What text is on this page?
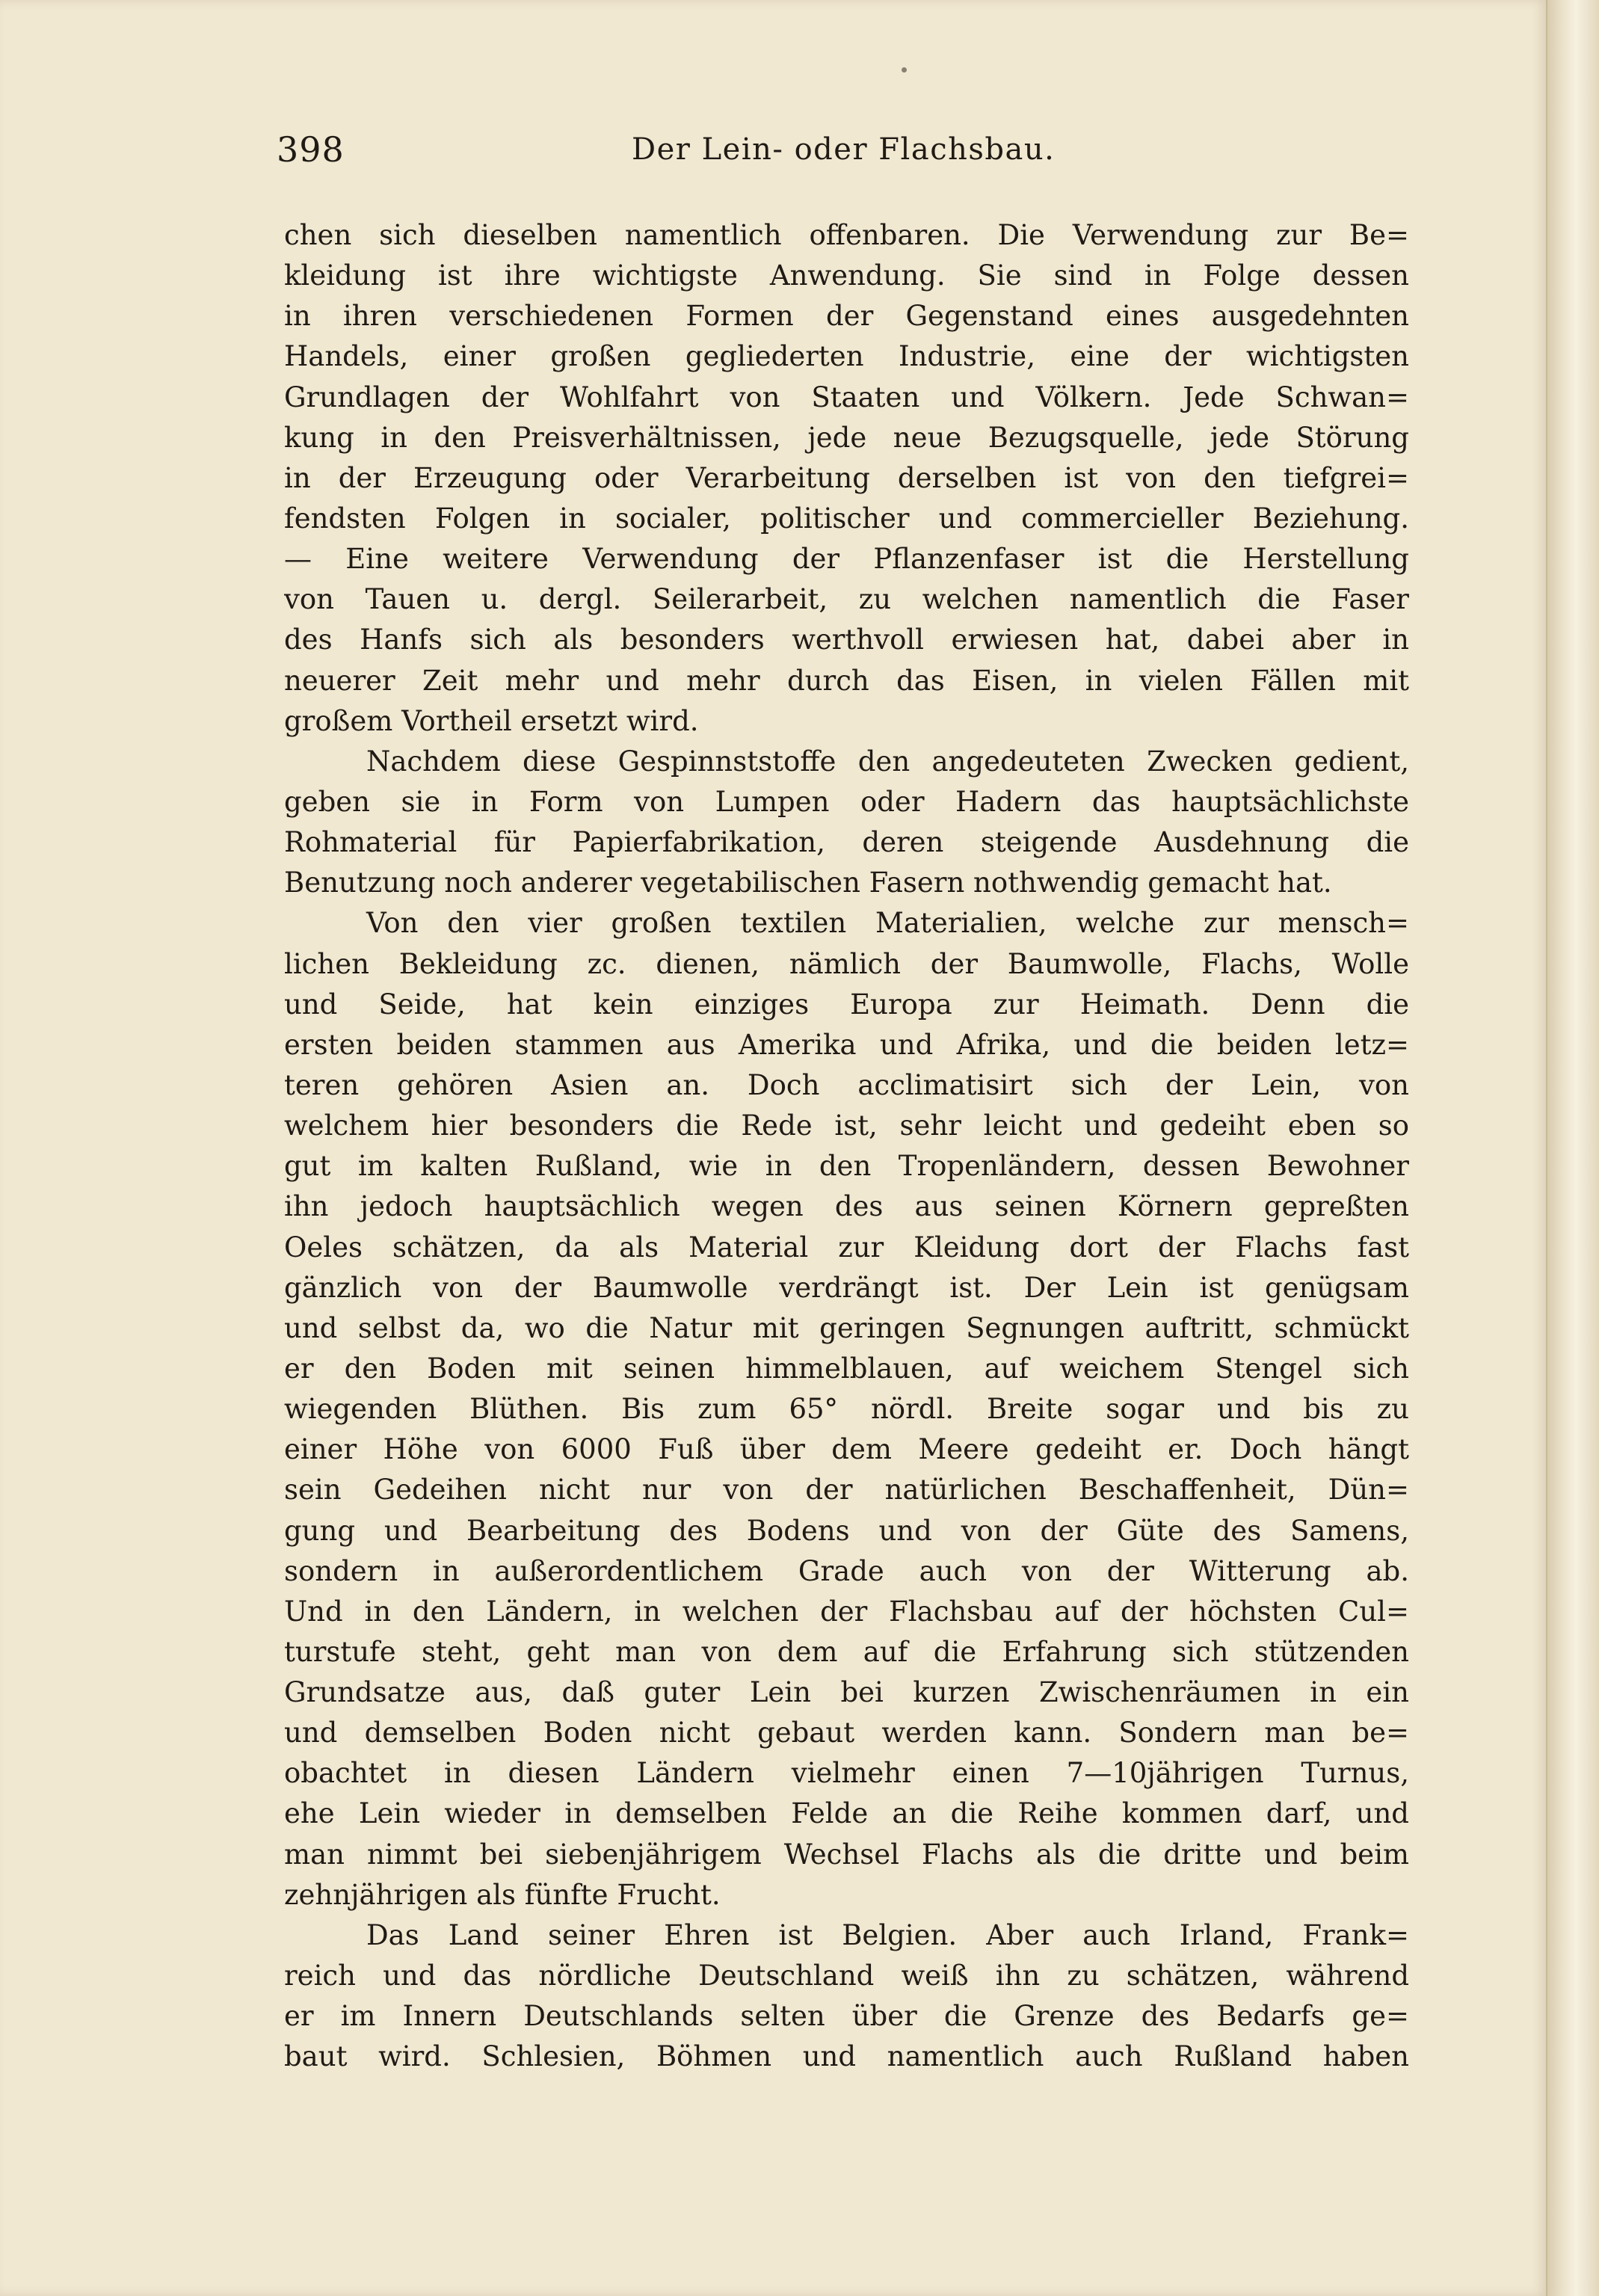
398	Der Lein- oder Flachsbau.
chen sich dieselben namentlich offenbaren. Die Verwendung zur Be=
kleidung ist ihre wichtigste Anwendung. Sie sind in Folge dessen
in ihren verschiedenen Formen der Gegenstand eines ausgedehnten
Handels, einer großen gegliederten Industrie, eine der wichtigsten
Grundlagen der Wohlfahrt von Staaten und Völkern. Jede Schwan=
kung in den Preisverhältnissen, jede neue Bezugsquelle, jede Störung
in der Erzeugung oder Verarbeitung derselben ist von den tiefgrei=
fendsten Folgen in socialer, politischer und commercieller Beziehung.
— Eine weitere Verwendung der Pflanzenfaser ist die Herstellung
von Tauen u. dergl. Seilerarbeit, zu welchen namentlich die Faser
des Hanfs sich als besonders werthvoll erwiesen hat, dabei aber in
neuerer Zeit mehr und mehr durch das Eisen, in vielen Fällen mit
großem Vortheil ersetzt wird.
Nachdem diese Gespinnststoffe den angedeuteten Zwecken gedient,
geben sie in Form von Lumpen oder Hadern das hauptsächlichste
Rohmaterial für Papierfabrikation, deren steigende Ausdehnung die
Benutzung noch anderer vegetabilischen Fasern nothwendig gemacht hat.
Von den vier großen textilen Materialien, welche zur mensch=
lichen Bekleidung zc. dienen, nämlich der Baumwolle, Flachs, Wolle
und Seide, hat kein einziges Europa zur Heimath. Denn die
ersten beiden stammen aus Amerika und Afrika, und die beiden letz=
teren gehören Asien an. Doch acclimatisirt sich der Lein, von
welchem hier besonders die Rede ist, sehr leicht und gedeiht eben so
gut im kalten Rußland, wie in den Tropenländern, dessen Bewohner
ihn jedoch hauptsächlich wegen des aus seinen Körnern gepreßten
Oeles schätzen, da als Material zur Kleidung dort der Flachs fast
gänzlich von der Baumwolle verdrängt ist. Der Lein ist genügsam
und selbst da, wo die Natur mit geringen Segnungen auftritt, schmückt
er den Boden mit seinen himmelblauen, auf weichem Stengel sich
wiegenden Blüthen. Bis zum 65° nördl. Breite sogar und bis zu
einer Höhe von 6000 Fuß über dem Meere gedeiht er. Doch hängt
sein Gedeihen nicht nur von der natürlichen Beschaffenheit, Dün=
gung und Bearbeitung des Bodens und von der Güte des Samens,
sondern in außerordentlichem Grade auch von der Witterung ab.
Und in den Ländern, in welchen der Flachsbau auf der höchsten Cul=
turstufe steht, geht man von dem auf die Erfahrung sich stützenden
Grundsatze aus, daß guter Lein bei kurzen Zwischenräumen in ein
und demselben Boden nicht gebaut werden kann. Sondern man be=
obachtet in diesen Ländern vielmehr einen 7—10jährigen Turnus,
ehe Lein wieder in demselben Felde an die Reihe kommen darf, und
man nimmt bei siebenjährigem Wechsel Flachs als die dritte und beim
zehnjährigen als fünfte Frucht.
Das Land seiner Ehren ist Belgien. Aber auch Irland, Frank=
reich und das nördliche Deutschland weiß ihn zu schätzen, während
er im Innern Deutschlands selten über die Grenze des Bedarfs ge=
baut wird. Schlesien, Böhmen und namentlich auch Rußland haben
